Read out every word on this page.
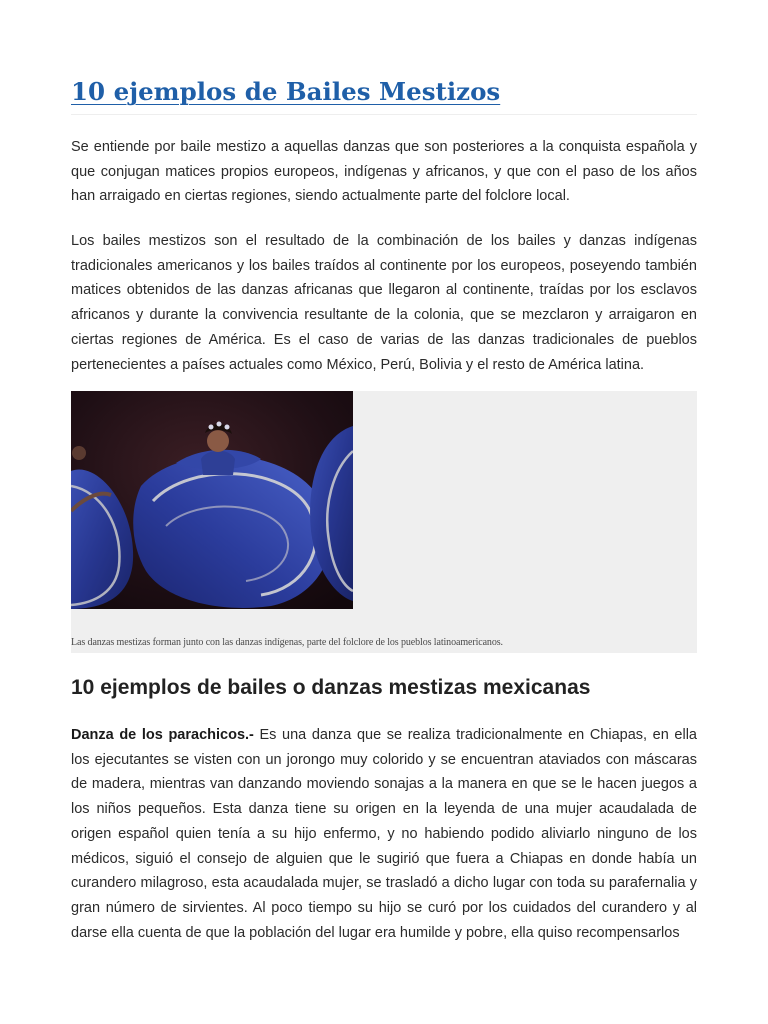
10 ejemplos de Bailes Mestizos

Se entiende por baile mestizo a aquellas danzas que son posteriores a la conquista española y que conjugan matices propios europeos, indígenas y africanos, y que con el paso de los años han arraigado en ciertas regiones, siendo actualmente parte del folclore local.

Los bailes mestizos son el resultado de la combinación de los bailes y danzas indígenas tradicionales americanos y los bailes traídos al continente por los europeos, poseyendo también matices obtenidos de las danzas africanas que llegaron al continente, traídas por los esclavos africanos y durante la convivencia resultante de la colonia, que se mezclaron y arraigaron en ciertas regiones de América. Es el caso de varias de las danzas tradicionales de pueblos pertenecientes a países actuales como México, Perú, Bolivia y el resto de América latina.

Las danzas mestizas forman junto con las danzas indígenas, parte del folclore de los pueblos latinoamericanos.

10 ejemplos de bailes o danzas mestizas mexicanas

Danza de los parachicos.- Es una danza que se realiza tradicionalmente en Chiapas, en ella los ejecutantes se visten con un jorongo muy colorido y se encuentran ataviados con máscaras de madera, mientras van danzando moviendo sonajas a la manera en que se le hacen juegos a los niños pequeños. Esta danza tiene su origen en la leyenda de una mujer acaudalada de origen español quien tenía a su hijo enfermo, y no habiendo podido aliviarlo ninguno de los médicos, siguió el consejo de alguien que le sugirió que fuera a Chiapas en donde había un curandero milagroso, esta acaudalada mujer, se trasladó a dicho lugar con toda su parafernalia y gran número de sirvientes. Al poco tiempo su hijo se curó por los cuidados del curandero y al darse ella cuenta de que la población del lugar era humilde y pobre, ella quiso recompensarlos
